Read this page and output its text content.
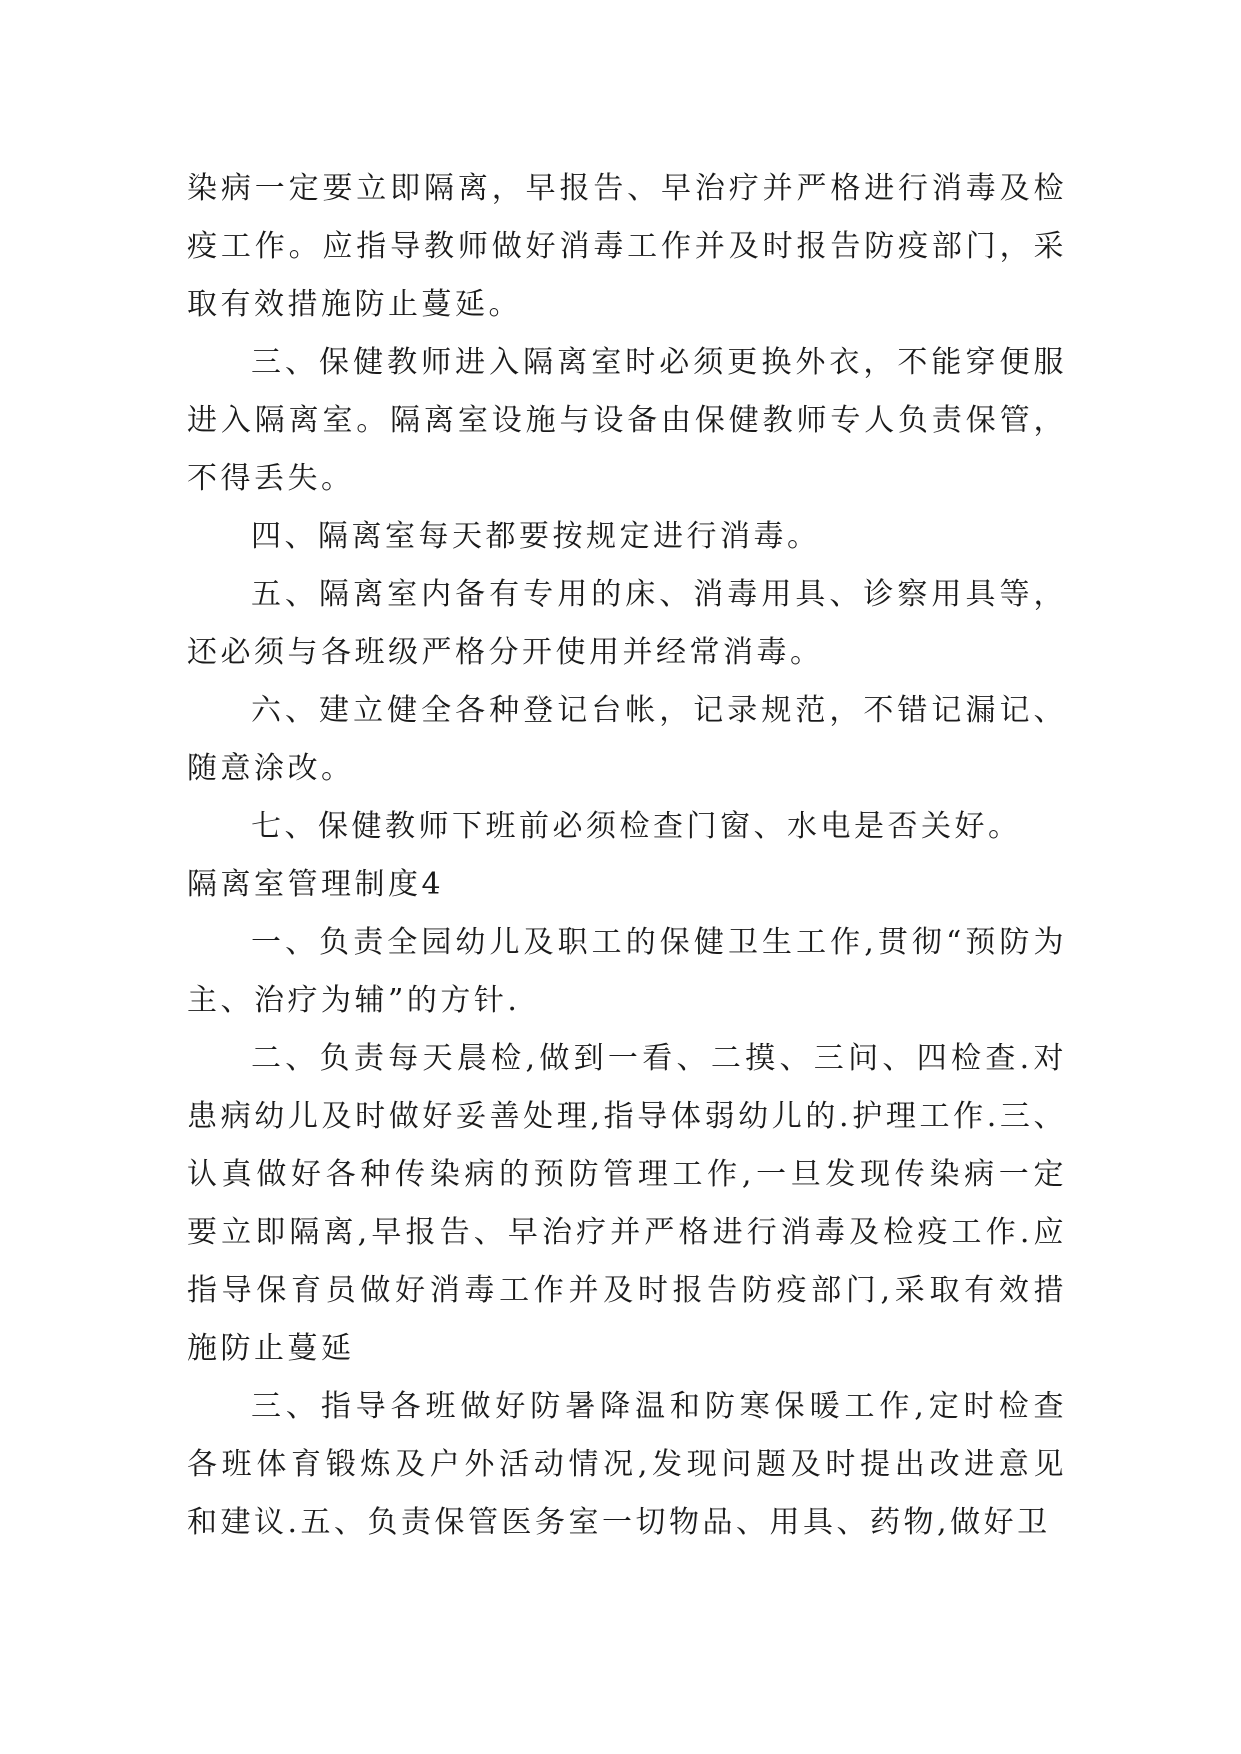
染病一定要立即隔离，早报告、早治疗并严格进行消毒及检疫工作。应指导教师做好消毒工作并及时报告防疫部门，采取有效措施防止蔓延。

三、保健教师进入隔离室时必须更换外衣，不能穿便服进入隔离室。隔离室设施与设备由保健教师专人负责保管，不得丢失。

四、隔离室每天都要按规定进行消毒。

五、隔离室内备有专用的床、消毒用具、诊察用具等，还必须与各班级严格分开使用并经常消毒。

六、建立健全各种登记台帐，记录规范，不错记漏记、随意涂改。

七、保健教师下班前必须检查门窗、水电是否关好。

隔离室管理制度4

一、负责全园幼儿及职工的保健卫生工作,贯彻“预防为主、治疗为辅”的方针.

二、负责每天晨检,做到一看、二摸、三问、四检查.对患病幼儿及时做好妥善处理,指导体弱幼儿的.护理工作.三、认真做好各种传染病的预防管理工作,一旦发现传染病一定要立即隔离,早报告、早治疗并严格进行消毒及检疫工作.应指导保育员做好消毒工作并及时报告防疫部门,采取有效措施防止蔓延

三、指导各班做好防暑降温和防寒保暖工作,定时检查各班体育锻炼及户外活动情况,发现问题及时提出改进意见和建议.五、负责保管医务室一切物品、用具、药物,做好卫
